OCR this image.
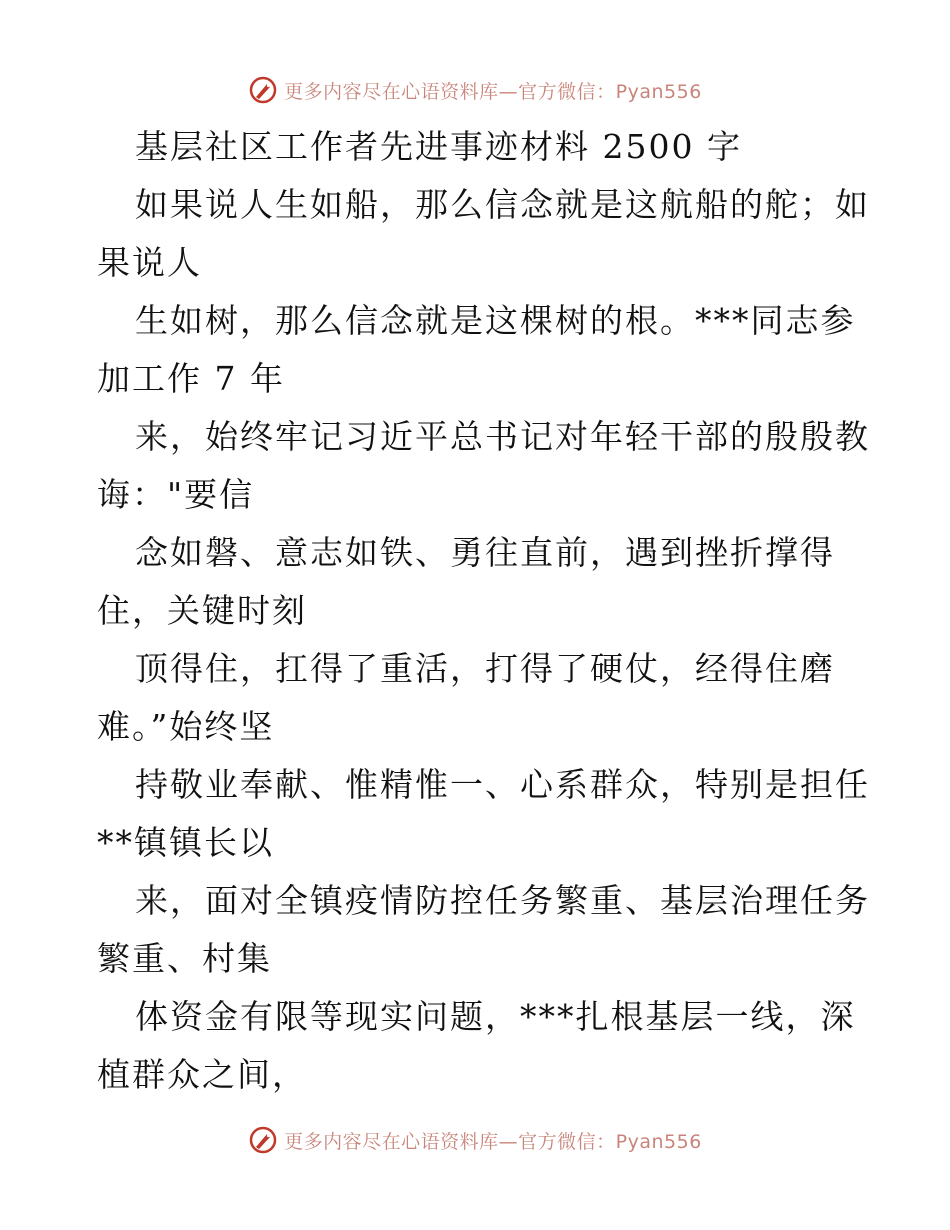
更多内容尽在心语资料库—官方微信：Pyan556
基层社区工作者先进事迹材料 2500 字
如果说人生如船，那么信念就是这航船的舵；如
果说人
生如树，那么信念就是这棵树的根。***同志参
加工作 7 年
来，始终牢记习近平总书记对年轻干部的殷殷教
诲："要信
念如磐、意志如铁、勇往直前，遇到挫折撑得
住，关键时刻
顶得住，扛得了重活，打得了硬仗，经得住磨
难。”始终坚
持敬业奉献、惟精惟一、心系群众，特别是担任
**镇镇长以
来，面对全镇疫情防控任务繁重、基层治理任务
繁重、村集
体资金有限等现实问题，***扎根基层一线，深
植群众之间，
更多内容尽在心语资料库—官方微信：Pyan556
